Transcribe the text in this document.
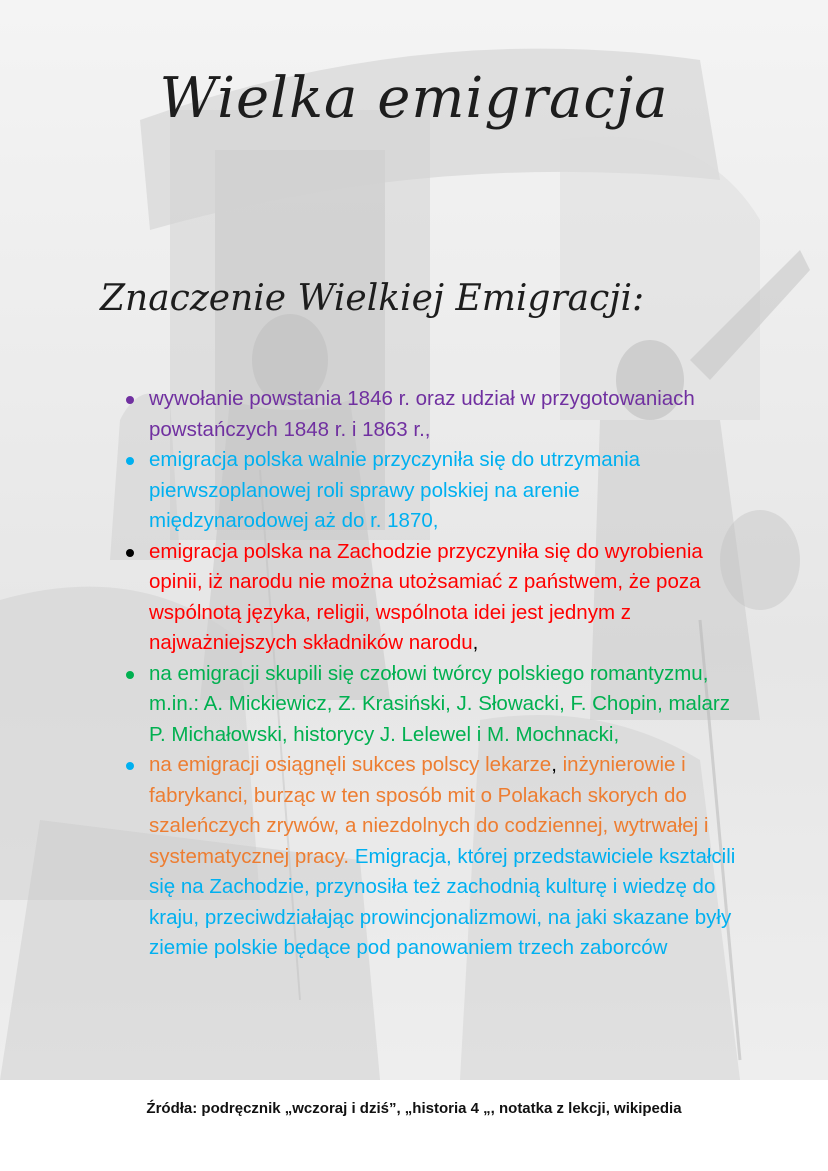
Wielka emigracja
Znaczenie Wielkiej Emigracji:
wywołanie powstania 1846 r. oraz udział w przygotowaniach powstańczych 1848 r. i 1863 r.,
emigracja polska walnie przyczyniła się do utrzymania pierwszoplanowej roli sprawy polskiej na arenie międzynarodowej aż do r. 1870,
emigracja polska na Zachodzie przyczyniła się do wyrobienia opinii, iż narodu nie można utożsamiać z państwem, że poza wspólnotą języka, religii, wspólnota idei jest jednym z najważniejszych składników narodu,
na emigracji skupili się czołowi twórcy polskiego romantyzmu, m.in.: A. Mickiewicz, Z. Krasiński, J. Słowacki, F. Chopin, malarz P. Michałowski, historycy J. Lelewel i M. Mochnacki,
na emigracji osiągnęli sukces polscy lekarze, inżynierowie i fabrykanci, burząc w ten sposób mit o Polakach skorych do szaleńczych zrywów, a niezdolnych do codziennej, wytrwałej i systematycznej pracy. Emigracja, której przedstawiciele kształcili się na Zachodzie, przynosiła też zachodnią kulturę i wiedzę do kraju, przeciwdziałając prowincjonalizmowi, na jaki skazane były ziemie polskie będące pod panowaniem trzech zaborców
Źródła: podręcznik „wczoraj i dziś”, „historia 4 „, notatka z lekcji, wikipedia
